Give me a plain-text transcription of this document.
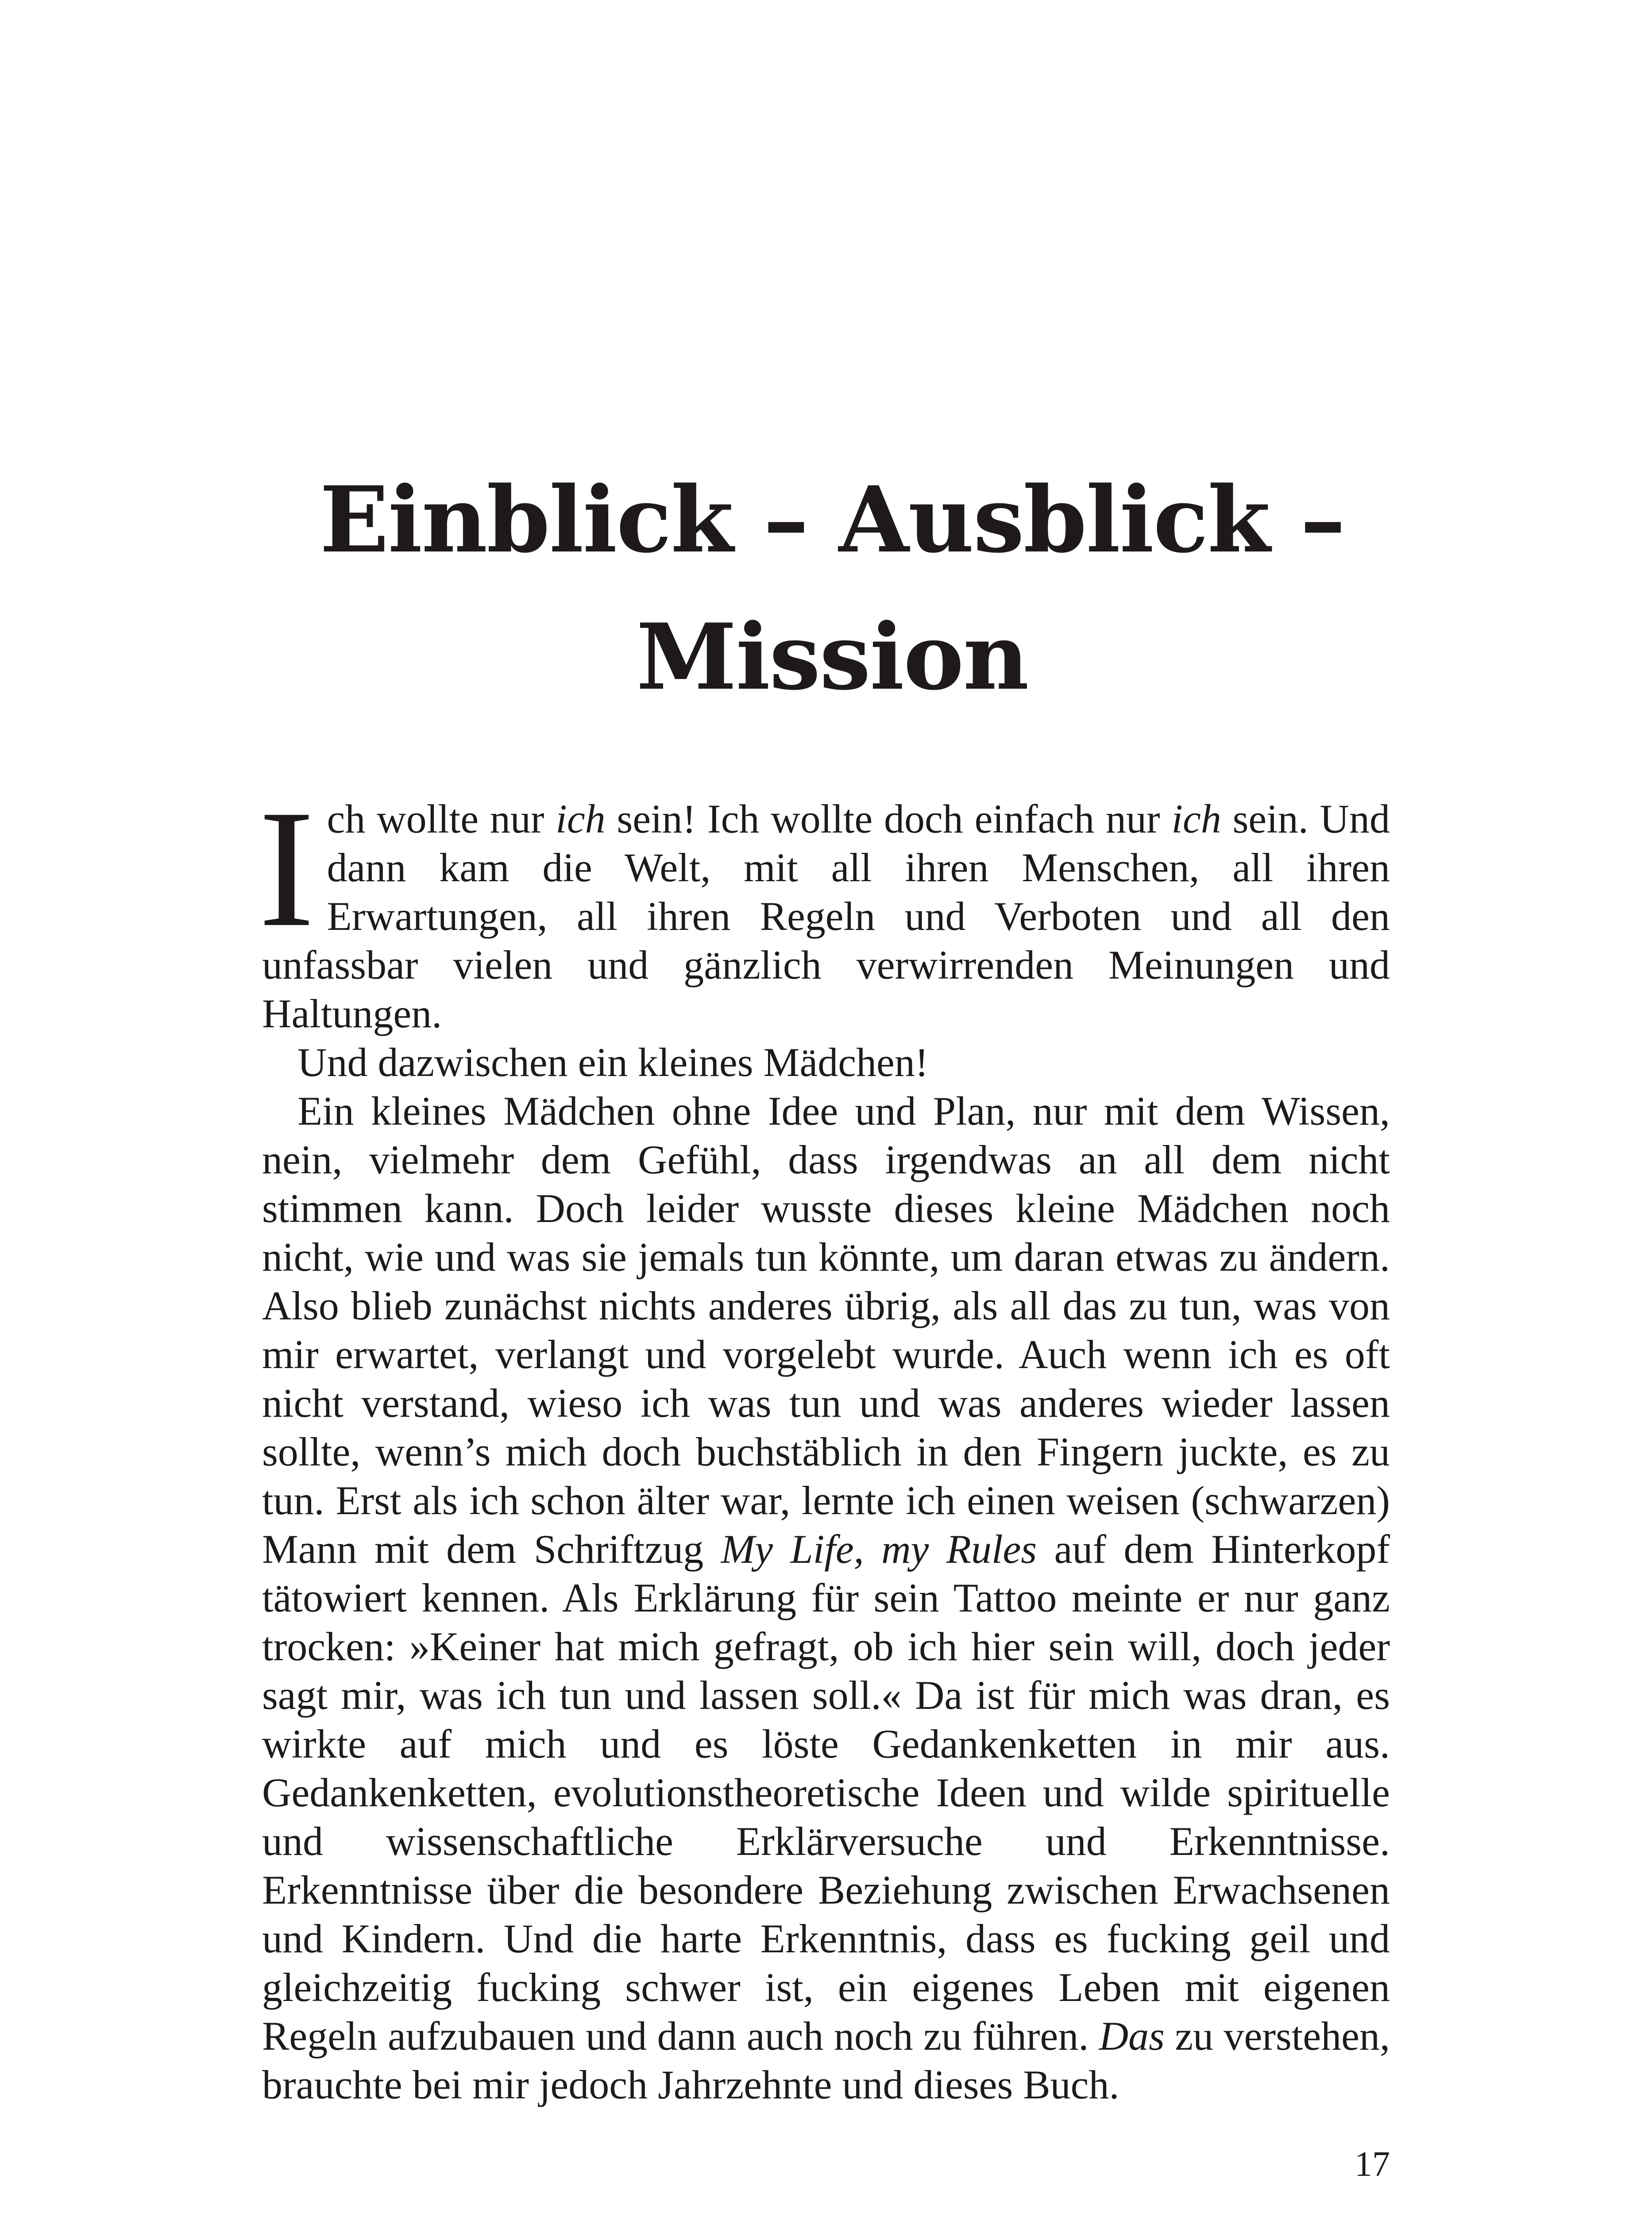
Einblick – Ausblick –
Mission

Ich wollte nur ich sein! Ich wollte doch einfach nur ich sein. Und dann kam die Welt, mit all ihren Menschen, all ihren Erwartungen, all ihren Regeln und Verboten und all den unfassbar vielen und gänzlich verwirrenden Meinungen und Haltungen.

Und dazwischen ein kleines Mädchen!

Ein kleines Mädchen ohne Idee und Plan, nur mit dem Wissen, nein, vielmehr dem Gefühl, dass irgendwas an all dem nicht stimmen kann. Doch leider wusste dieses kleine Mädchen noch nicht, wie und was sie jemals tun könnte, um daran etwas zu ändern. Also blieb zunächst nichts anderes übrig, als all das zu tun, was von mir erwartet, verlangt und vorgelebt wurde. Auch wenn ich es oft nicht verstand, wieso ich was tun und was anderes wieder lassen sollte, wenn’s mich doch buchstäblich in den Fingern juckte, es zu tun. Erst als ich schon älter war, lernte ich einen weisen (schwarzen) Mann mit dem Schriftzug My Life, my Rules auf dem Hinterkopf tätowiert kennen. Als Erklärung für sein Tattoo meinte er nur ganz trocken: »Keiner hat mich gefragt, ob ich hier sein will, doch jeder sagt mir, was ich tun und lassen soll.« Da ist für mich was dran, es wirkte auf mich und es löste Gedankenketten in mir aus. Gedankenketten, evolutionstheoretische Ideen und wilde spirituelle und wissenschaftliche Erklärversuche und Erkenntnisse. Erkenntnisse über die besondere Beziehung zwischen Erwachsenen und Kindern. Und die harte Erkenntnis, dass es fucking geil und gleichzeitig fucking schwer ist, ein eigenes Leben mit eigenen Regeln aufzubauen und dann auch noch zu führen. Das zu verstehen, brauchte bei mir jedoch Jahrzehnte und dieses Buch.

17
